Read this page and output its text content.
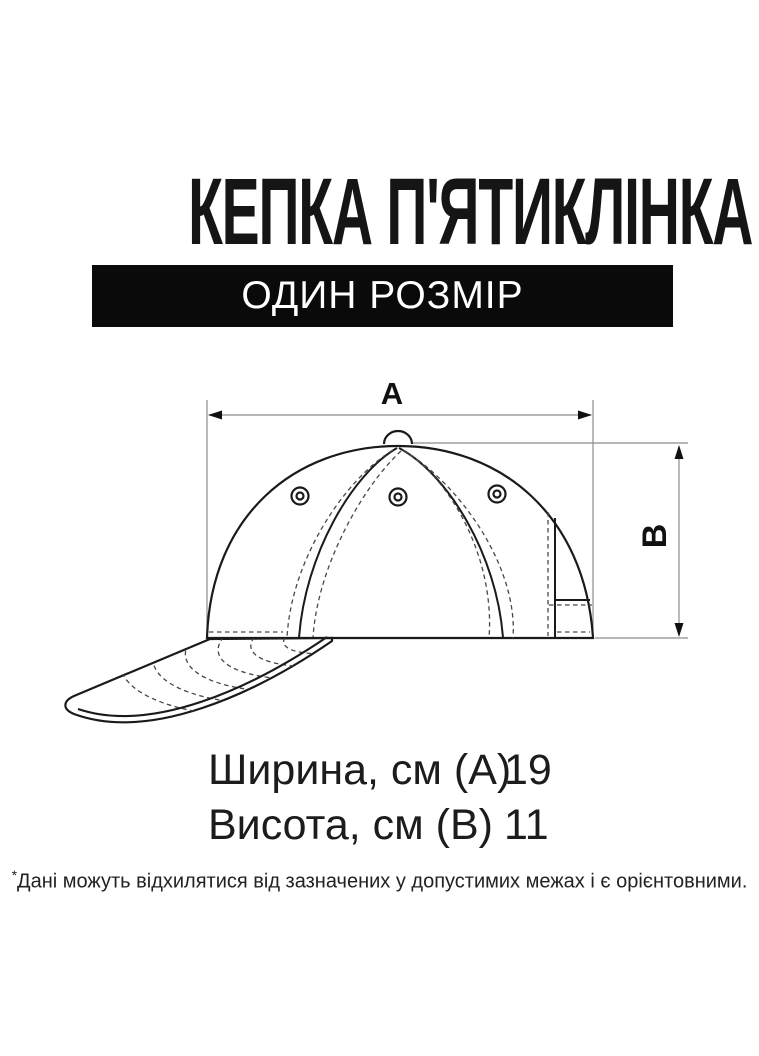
КЕПКА П'ЯТИКЛІНКА
ОДИН РОЗМІР
A
B
Ширина, см (А)
19
Висота, см (В) 11
*Дані можуть відхилятися від зазначених у допустимих межах і є орієнтовними.
